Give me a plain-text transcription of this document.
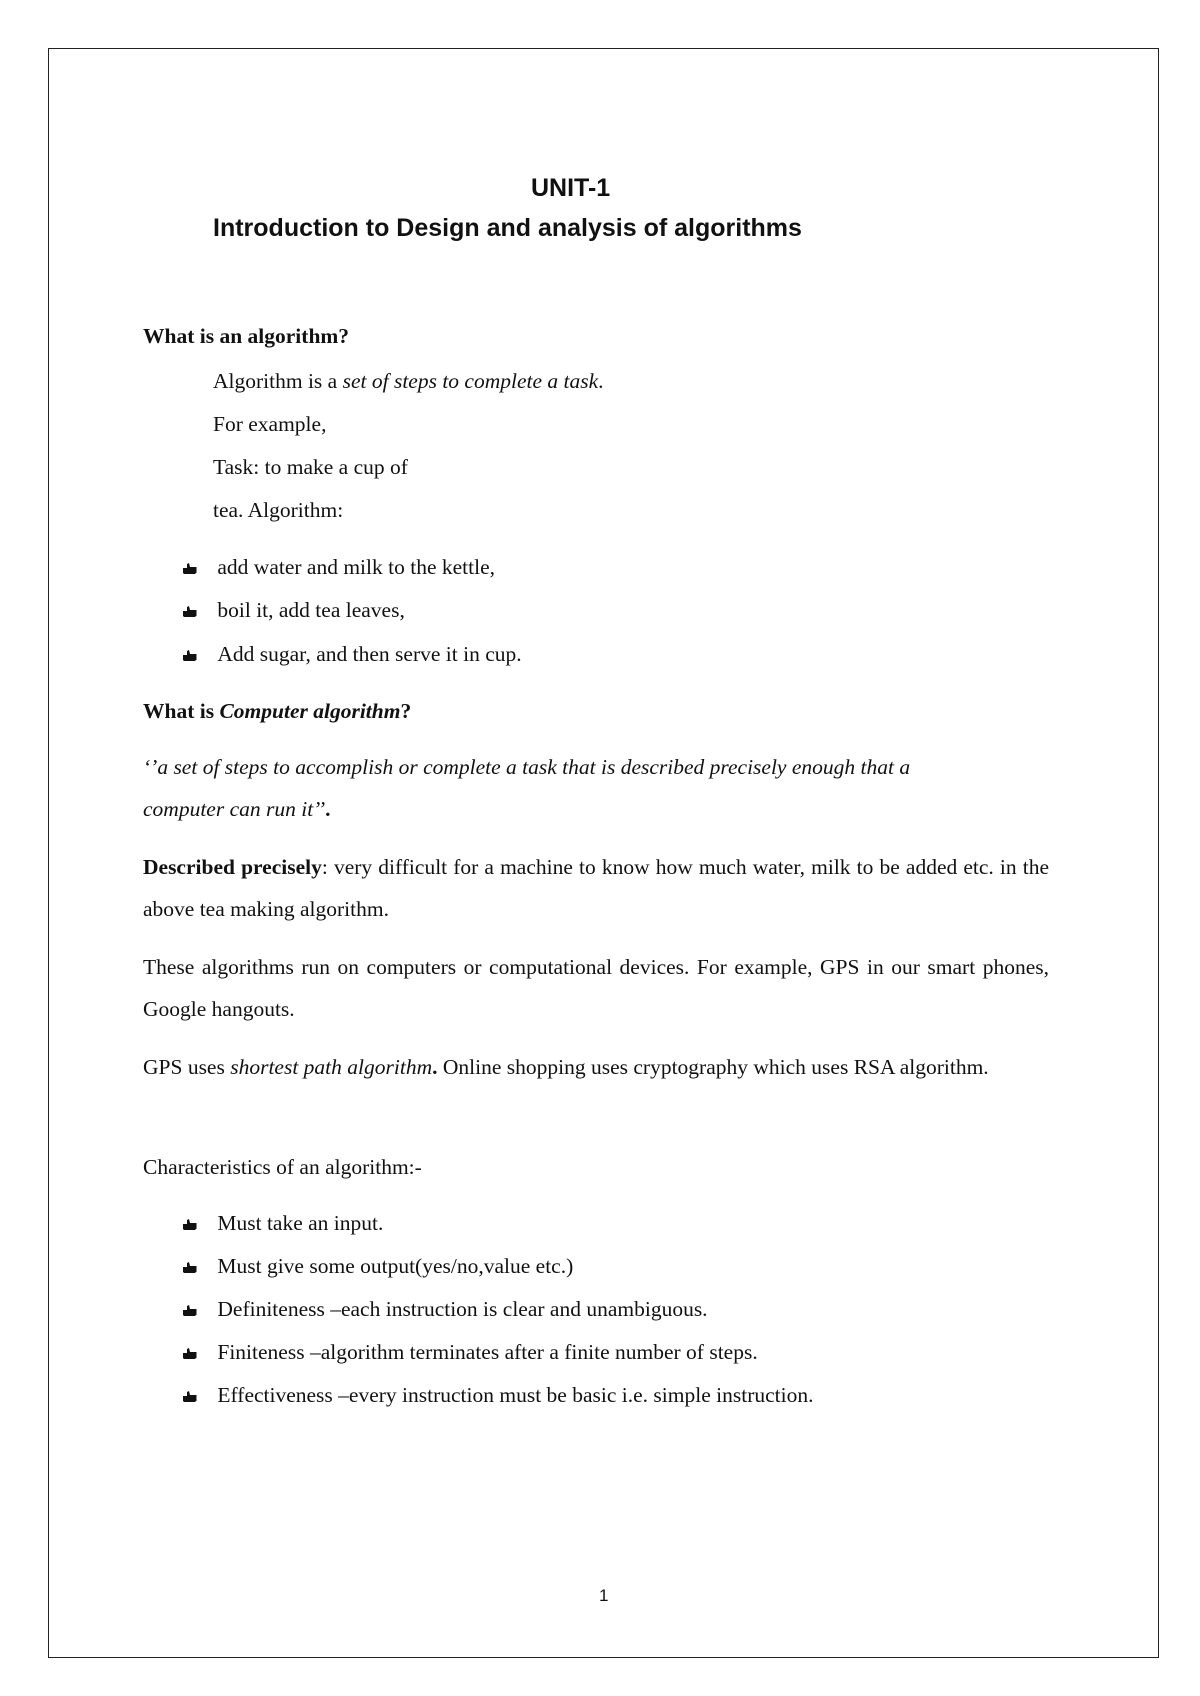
UNIT-1
Introduction to Design and analysis of algorithms
What is an algorithm?
Algorithm is a set of steps to complete a task.
For example,
Task: to make a cup of
tea. Algorithm:
add water and milk to the kettle,
boil it, add tea leaves,
Add sugar, and then serve it in cup.
What is Computer algorithm?
‘’a set of steps to accomplish or complete a task that is described precisely enough that a
computer can run it’’.
Described precisely: very difficult for a machine to know how much water, milk to be added etc. in the above tea making algorithm.
These algorithms run on computers or computational devices. For example, GPS in our smart phones, Google hangouts.
GPS uses shortest path algorithm. Online shopping uses cryptography which uses RSA algorithm.
Characteristics of an algorithm:-
Must take an input.
Must give some output(yes/no,value etc.)
Definiteness –each instruction is clear and unambiguous.
Finiteness –algorithm terminates after a finite number of steps.
Effectiveness –every instruction must be basic i.e. simple instruction.
1
